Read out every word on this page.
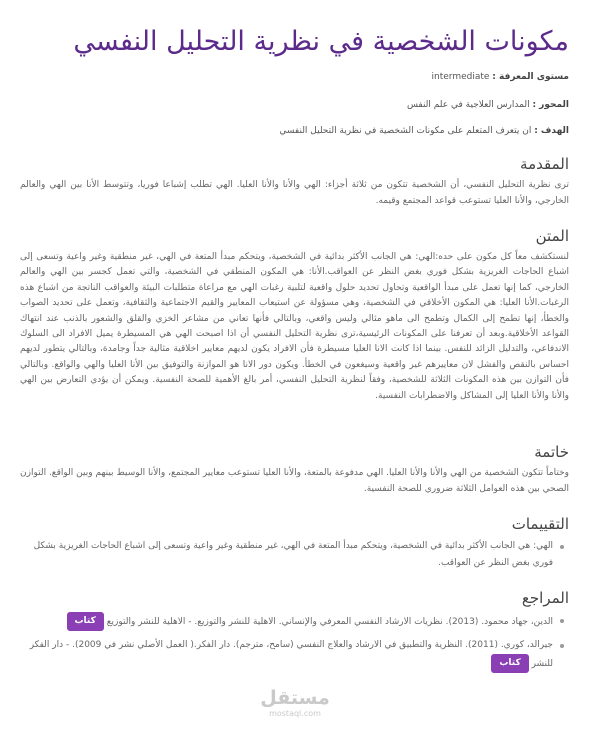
مكونات الشخصية في نظرية التحليل النفسي
مستوى المعرفة : intermediate
المحور : المدارس العلاجية في علم النفس
الهدف : ان يتعرف المتعلم على مكونات الشخصية في نظرية التحليل النفسي
المقدمة

ترى نظرية التحليل النفسي، أن الشخصية تتكون من ثلاثة أجزاء: الهي والأنا والأنا العليا. الهي تطلب إشباعا فوريا، وتتوسط الأنا بين الهي والعالم الخارجي، والأنا العليا تستوعب قواعد المجتمع وقيمه.

المتن

لنستكشف معاً كل مكون على حده:الهي: هي الجانب الأكثر بدائية في الشخصية، ويتحكم مبدأ المتعة في الهي، غير منطقية وغير واعية وتسعى إلى اشباع الحاجات الغريزية بشكل فوري بغض النظر عن العواقب.الأنا: هي المكون المنطقي في الشخصية، والتي تعمل كجسر بين الهي والعالم الخارجي، كما إنها تعمل على مبدأ الواقعية وتحاول تحديد حلول واقعية لتلبية رغبات الهي مع مراعاة متطلبات البيئة والعواقب الناتجة من اشباع هذه الرغبات.الأنا العليا: هي المكون الأخلاقي في الشخصية، وهي مسؤولة عن استيعاب المعايير والقيم الاجتماعية والثقافية، وتعمل على تحديد الصواب والخطأ، إنها تطمح إلى الكمال وتطمح الى ماهو مثالي وليس واقعي، وبالتالي فأنها تعاني من مشاعر الخزي والقلق والشعور بالذنب عند انتهاك القواعد الأخلاقية.وبعد أن تعرفنا على المكونات الرئيسية،ترى نظرية التحليل النفسي أن اذا اصبحت الهي هي المسيطرة يميل الافراد الى السلوك الاندفاعي، والتدليل الزائد للنفس. بينما اذا كانت الانا العليا مسيطرة فأن الافراد يكون لديهم معايير اخلاقية مثالية جداً وجامدة، وبالتالي يتطور لديهم احساس بالنقص والفشل لان معاييرهم غير واقعية وسيغعون في الخطأ. ويكون دور الانا هو الموازنة والتوفيق بين الأنا العليا والهي والواقع. وبالتالي فأن التوازن بين هذه المكونات الثلاثة للشخصية، وفقاً لنظرية التحليل النفسي، أمر بالغ الأهمية للصحة النفسية. ويمكن أن يؤدي التعارض بين الهي والأنا والأنا العليا إلى المشاكل والاضطرابات النفسية.

خاتمة

وختاماً تتكون الشخصية من الهي والأنا والأنا العليا. الهي مدفوعة بالمتعة، والأنا العليا تستوعب معايير المجتمع، والأنا الوسيط بينهم وبين الواقع. التوازن الصحي بين هذه العوامل الثلاثة ضروري للصحة النفسية.

التقييمات
الهي: هي الجانب الأكثر بدائية في الشخصية، ويتحكم مبدأ المتعة في الهي، غير منطقية وغير واعية وتسعى إلى اشباع الحاجات الغريزية بشكل فوري بغض النظر عن العواقب.
المراجع
الدين، جهاد محمود. (2013). نظريات الارشاد النفسي المعرفي والإنساني. الاهلية للنشر والتوزيع. - الاهلية للنشر والتوزيع كتاب
جيرالد، كوري. (2011). النظرية والتطبيق في الارشاد والعلاج النفسي (سامح، مترجم). دار الفكر.( العمل الأصلي نشر في 2009). - دار الفكر للنشر كتاب
مستقل
mostaql.com
